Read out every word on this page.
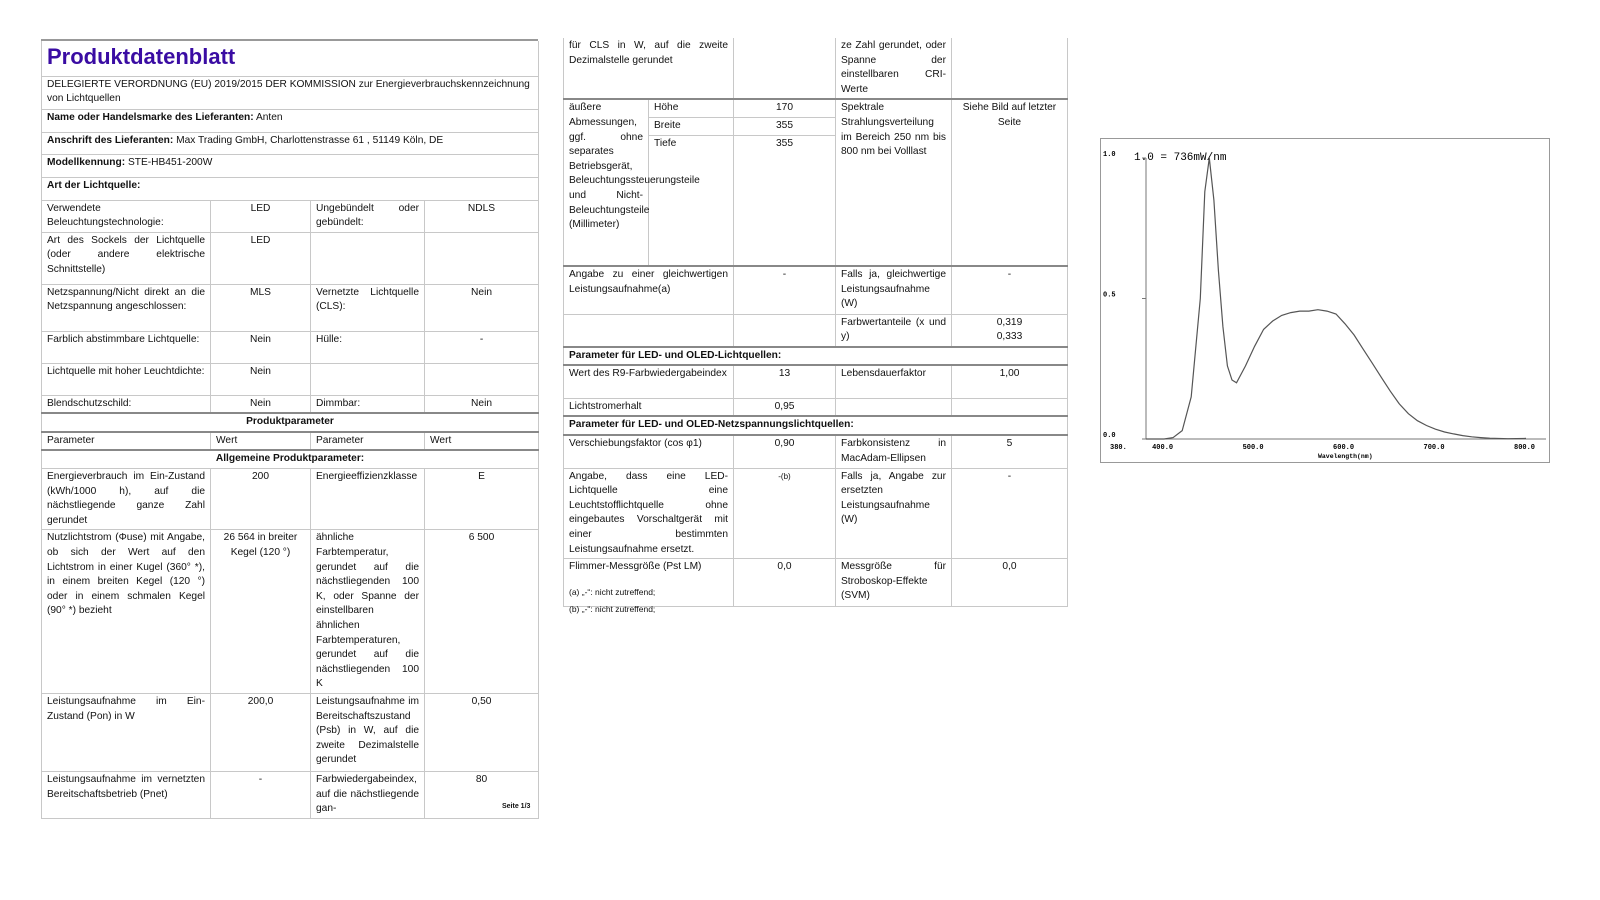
Produktdatenblatt			
DELEGIERTE VERORDNUNG (EU) 2019/2015 DER KOMMISSION zur Energieverbrauchskennzeichnung von Lichtquellen			
Name oder Handelsmarke des Lieferanten: Anten			
Anschrift des Lieferanten: Max Trading GmbH, Charlottenstrasse 61 , 51149 Köln, DE			
Modellkennung: STE-HB451-200W			
Art der Lichtquelle:			
Verwendete Beleuchtungstechnologie:	LED	Ungebündelt oder gebündelt:	NDLS
Art des Sockels der Lichtquelle (oder andere elektrische Schnittstelle)	LED		
Netzspannung/Nicht direkt an die Netzspannung angeschlossen:	MLS	Vernetzte Lichtquelle (CLS):	Nein
Farblich abstimmbare Lichtquelle:	Nein	Hülle:	-
Lichtquelle mit hoher Leuchtdichte:	Nein		
Blendschutzschild:	Nein	Dimmbar:	Nein
Produktparameter			
Parameter	Wert	Parameter	Wert
Allgemeine Produktparameter:			
Energieverbrauch im Ein-Zustand (kWh/1000 h), auf die nächstliegende ganze Zahl gerundet	200	Energieeffizienzklasse	E
Nutzlichtstrom (Φuse) mit Angabe, ob sich der Wert auf den Lichtstrom in einer Kugel (360° *), in einem breiten Kegel (120 °) oder in einem schmalen Kegel (90° *) bezieht	26 564 in breiter Kegel (120 °)	ähnliche Farbtemperatur, gerundet auf die nächstliegenden 100 K, oder Spanne der einstellbaren ähnlichen Farbtemperaturen, gerundet auf die nächstliegenden 100 K	6 500
Leistungsaufnahme im Ein-Zustand (Pon) in W	200,0	Leistungsaufnahme im Bereitschaftszustand (Psb) in W, auf die zweite Dezimalstelle gerundet	0,50
Leistungsaufnahme im vernetzten Bereitschaftsbetrieb (Pnet)	-	Farbwiedergabeindex, auf die nächstliegende gan-	80
Seite 1/3
für CLS in W, auf die zweite Dezimalstelle gerundet			ze Zahl gerundet, oder Spanne der einstellbaren CRI-Werte	
äußere Abmessungen, ggf. ohne separates Betriebsgerät, Beleuchtungssteuerungsteile und Nicht-Beleuchtungsteile (Millimeter)	Höhe	170	Spektrale Strahlungsverteilung im Bereich 250 nm bis 800 nm bei Volllast	Siehe Bild auf letzter Seite
	Breite	355		
	Tiefe	355		
Angabe zu einer gleichwertigen Leistungsaufnahme(a)		-	Falls ja, gleichwertige Leistungsaufnahme (W)	-
			Farbwertanteile (x und y)	0,319 0,333
Parameter für LED- und OLED-Lichtquellen:				
Wert des R9-Farbwiedergabeindex		13	Lebensdauerfaktor	1,00
Lichtstromerhalt		0,95		
Parameter für LED- und OLED-Netzspannungslichtquellen:				
Verschiebungsfaktor (cos φ1)		0,90	Farbkonsistenz in MacAdam-Ellipsen	5
Angabe, dass eine LED-Lichtquelle eine Leuchtstofflichtquelle ohne eingebautes Vorschaltgerät mit einer bestimmten Leistungsaufnahme ersetzt.		-(b)	Falls ja, Angabe zur ersetzten Leistungsaufnahme (W)	-
Flimmer-Messgröße (Pst LM)		0,0	Messgröße für Stroboskop-Effekte (SVM)	0,0
(a) „-“: nicht zutreffend;
(b) „-“: nicht zutreffend;
0.0
0.5
1.0
380.	400.0	500.0	600.0	700.0	800.0
Wavelength(nm)
1.0 = 736mW/nm
